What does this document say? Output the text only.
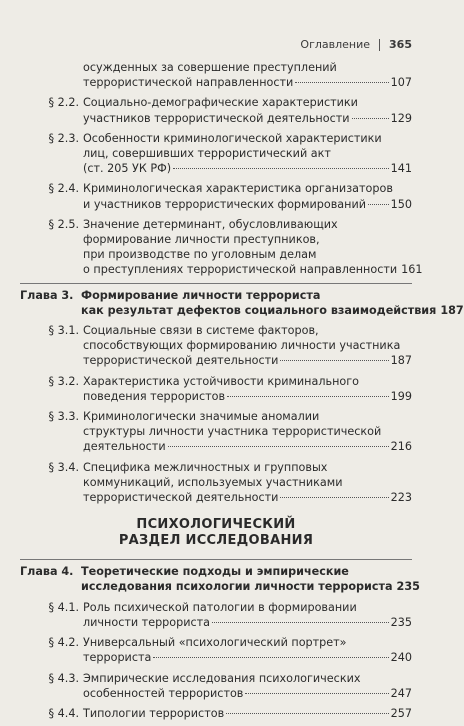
Оглавление 365
осужденных за совершение преступлений
террористической направленности	107
§ 2.2. Социально-демографические характеристики
участников террористической деятельности	129
§ 2.3. Особенности криминологической характеристики
лиц, совершивших террористический акт
(ст. 205 УК РФ)	141
§ 2.4. Криминологическая характеристика организаторов
и участников террористических формирований 150
§ 2.5. Значение детерминант, обусловливающих
формирование личности преступников,
при производстве по уголовным делам
о преступлениях террористической направленности 161
Глава 3. Формирование личности террориста
как результат дефектов социального взаимодействия 187
§ 3.1. Социальные связи в системе факторов,
способствующих формированию личности участника
террористической деятельности	187
§ 3.2. Характеристика устойчивости криминального
поведения террористов	199
§ 3.3. Криминологически значимые аномалии
структуры личности участника террористической
деятельности	216
§ 3.4. Специфика межличностных и групповых
коммуникаций, используемых участниками
террористической деятельности	223
ПСИХОЛОГИЧЕСКИЙ
РАЗДЕЛ ИССЛЕДОВАНИЯ
Глава 4. Теоретические подходы и эмпирические
исследования психологии личности террориста 235
§ 4.1. Роль психической патологии в формировании
личности террориста	235
§ 4.2. Универсальный «психологический портрет»
террориста	240
§ 4.3. Эмпирические исследования психологических
особенностей террористов	247
§ 4.4. Типологии террористов	257
